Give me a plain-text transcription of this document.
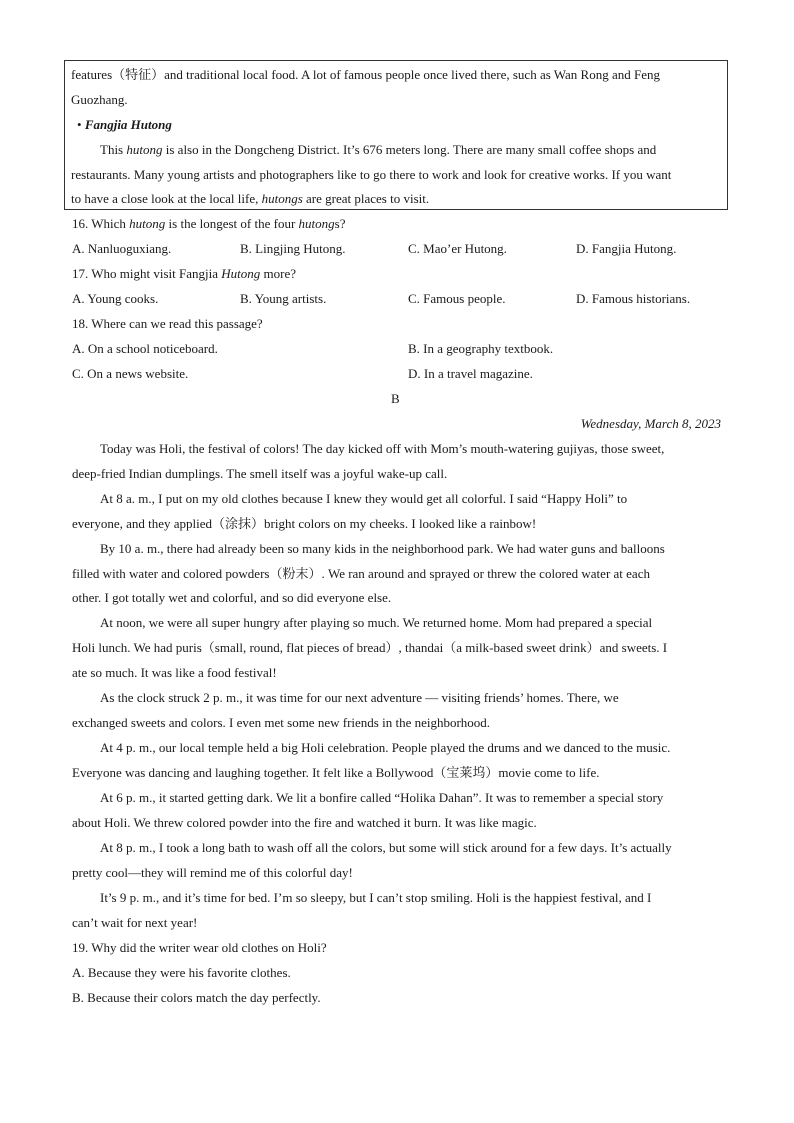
features（特征）and traditional local food. A lot of famous people once lived there, such as Wan Rong and Feng
Guozhang.
• Fangjia Hutong
This hutong is also in the Dongcheng District. It’s 676 meters long. There are many small coffee shops and
restaurants. Many young artists and photographers like to go there to work and look for creative works. If you want
to have a close look at the local life, hutongs are great places to visit.
16. Which hutong is the longest of the four hutongs?
A. Nanluoguxiang.	B. Lingjing Hutong.	C. Mao’er Hutong.	D. Fangjia Hutong.
17. Who might visit Fangjia Hutong more?
A. Young cooks.	B. Young artists.	C. Famous people.	D. Famous historians.
18. Where can we read this passage?
A. On a school noticeboard.	B. In a geography textbook.
C. On a news website.	D. In a travel magazine.
B
Wednesday, March 8, 2023
Today was Holi, the festival of colors! The day kicked off with Mom’s mouth-watering gujiyas, those sweet,
deep-fried Indian dumplings. The smell itself was a joyful wake-up call.
At 8 a. m., I put on my old clothes because I knew they would get all colorful. I said “Happy Holi” to
everyone, and they applied（涂抹）bright colors on my cheeks. I looked like a rainbow!
By 10 a. m., there had already been so many kids in the neighborhood park. We had water guns and balloons
filled with water and colored powders（粉末）. We ran around and sprayed or threw the colored water at each
other. I got totally wet and colorful, and so did everyone else.
At noon, we were all super hungry after playing so much. We returned home. Mom had prepared a special
Holi lunch. We had puris（small, round, flat pieces of bread）, thandai（a milk-based sweet drink）and sweets. I
ate so much. It was like a food festival!
As the clock struck 2 p. m., it was time for our next adventure — visiting friends’ homes. There, we
exchanged sweets and colors. I even met some new friends in the neighborhood.
At 4 p. m., our local temple held a big Holi celebration. People played the drums and we danced to the music.
Everyone was dancing and laughing together. It felt like a Bollywood（宝莱坞）movie come to life.
At 6 p. m., it started getting dark. We lit a bonfire called “Holika Dahan”. It was to remember a special story
about Holi. We threw colored powder into the fire and watched it burn. It was like magic.
At 8 p. m., I took a long bath to wash off all the colors, but some will stick around for a few days. It’s actually
pretty cool—they will remind me of this colorful day!
It’s 9 p. m., and it’s time for bed. I’m so sleepy, but I can’t stop smiling. Holi is the happiest festival, and I
can’t wait for next year!
19. Why did the writer wear old clothes on Holi?
A. Because they were his favorite clothes.
B. Because their colors match the day perfectly.
